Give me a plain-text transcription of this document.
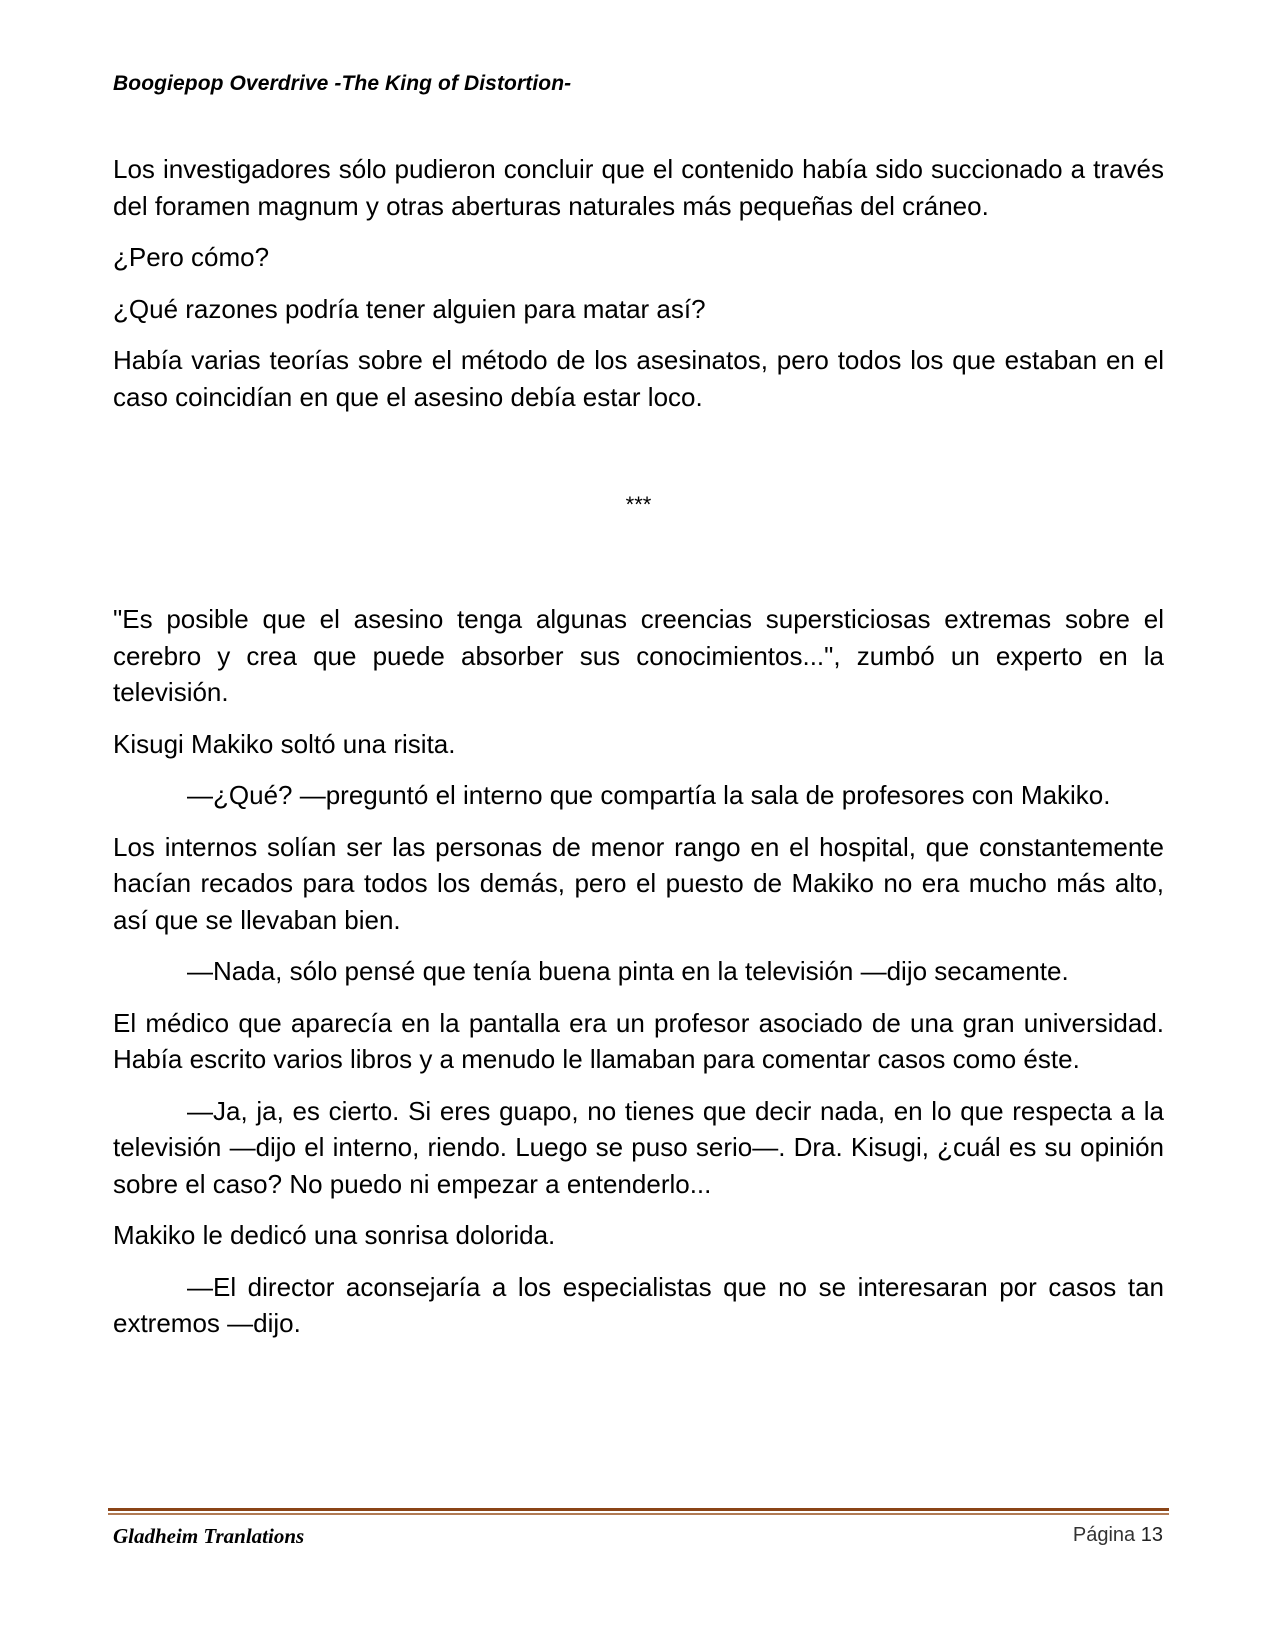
Boogiepop Overdrive -The King of Distortion-

Los investigadores sólo pudieron concluir que el contenido había sido succionado a través del foramen magnum y otras aberturas naturales más pequeñas del cráneo.

¿Pero cómo?

¿Qué razones podría tener alguien para matar así?

Había varias teorías sobre el método de los asesinatos, pero todos los que estaban en el caso coincidían en que el asesino debía estar loco.

***

"Es posible que el asesino tenga algunas creencias supersticiosas extremas sobre el cerebro y crea que puede absorber sus conocimientos...", zumbó un experto en la televisión.

Kisugi Makiko soltó una risita.

—¿Qué? —preguntó el interno que compartía la sala de profesores con Makiko.

Los internos solían ser las personas de menor rango en el hospital, que constantemente hacían recados para todos los demás, pero el puesto de Makiko no era mucho más alto, así que se llevaban bien.

—Nada, sólo pensé que tenía buena pinta en la televisión —dijo secamente.

El médico que aparecía en la pantalla era un profesor asociado de una gran universidad. Había escrito varios libros y a menudo le llamaban para comentar casos como éste.

—Ja, ja, es cierto. Si eres guapo, no tienes que decir nada, en lo que respecta a la televisión —dijo el interno, riendo. Luego se puso serio—. Dra. Kisugi, ¿cuál es su opinión sobre el caso? No puedo ni empezar a entenderlo...

Makiko le dedicó una sonrisa dolorida.

—El director aconsejaría a los especialistas que no se interesaran por casos tan extremos —dijo.

Gladheim Tranlations	Página 13
